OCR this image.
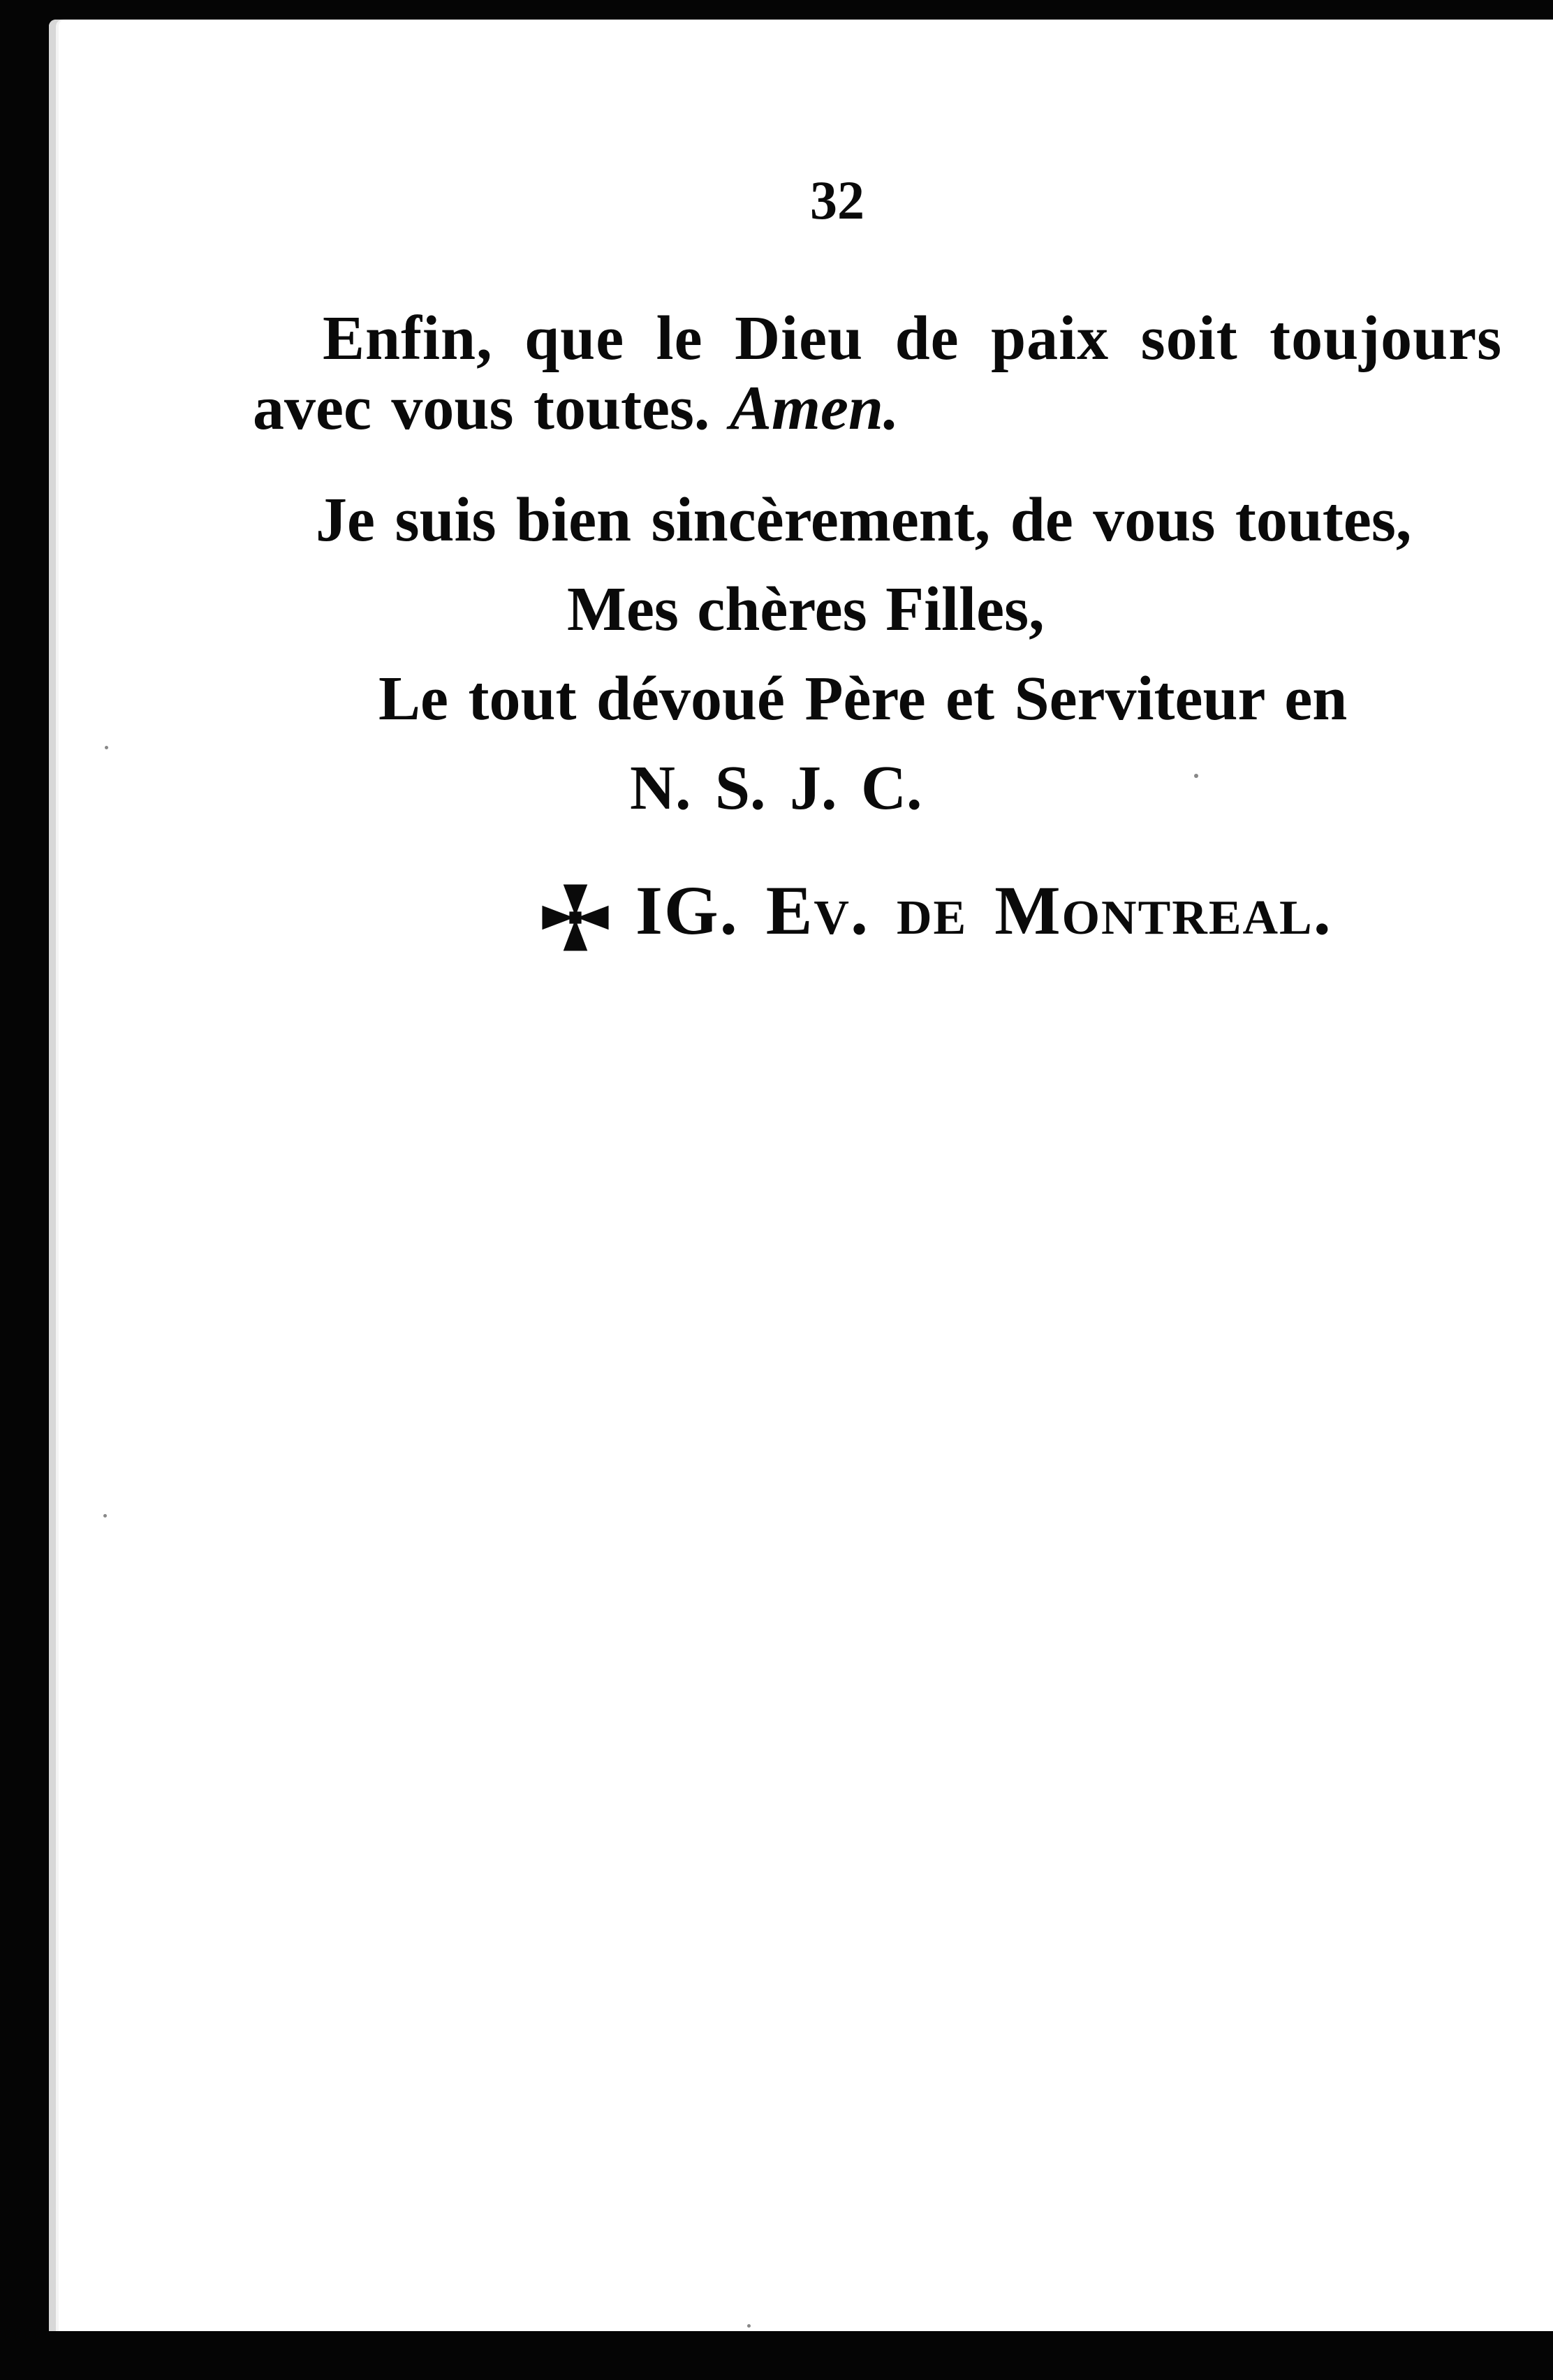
32

Enfin, que le Dieu de paix soit toujours

avec vous toutes. Amen.

Je suis bien sincèrement, de vous toutes,

Mes chères Filles,

Le tout dévoué Père et Serviteur en

N. S. J. C.

IG. Ev. de Montreal.
